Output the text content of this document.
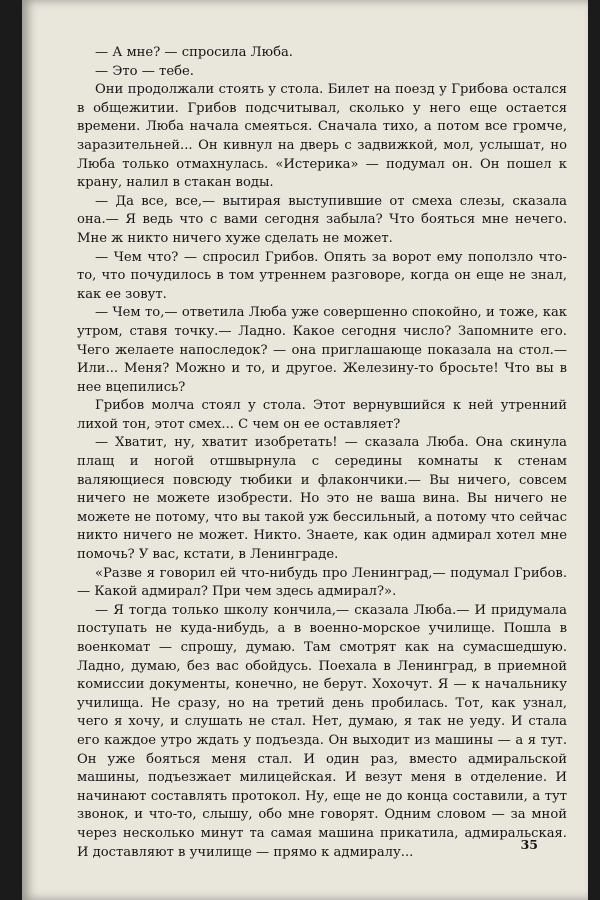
— А мне? — спросила Люба.

— Это — тебе.

Они продолжали стоять у стола. Билет на поезд у Грибова остался в общежитии. Грибов подсчитывал, сколько у него еще остается времени. Люба начала смеяться. Сначала тихо, а потом все громче, заразительней... Он кивнул на дверь с задвижкой, мол, услышат, но Люба только отмахнулась. «Истерика» — подумал он. Он пошел к крану, налил в стакан воды.

— Да все, все,— вытирая выступившие от смеха слезы, сказала она.— Я ведь что с вами сегодня забыла? Что бояться мне нечего. Мне ж никто ничего хуже сделать не может.

— Чем что? — спросил Грибов. Опять за ворот ему поползло что-то, что почудилось в том утреннем разговоре, когда он еще не знал, как ее зовут.

— Чем то,— ответила Люба уже совершенно спокойно, и тоже, как утром, ставя точку.— Ладно. Какое сегодня число? Запомните его. Чего желаете напоследок? — она приглашающе показала на стол.— Или... Меня? Можно и то, и другое. Железину-то бросьте! Что вы в нее вцепились?

Грибов молча стоял у стола. Этот вернувшийся к ней утренний лихой тон, этот смех... С чем он ее оставляет?

— Хватит, ну, хватит изобретать! — сказала Люба. Она скинула плащ и ногой отшвырнула с середины комнаты к стенам валяющиеся повсюду тюбики и флакончики.— Вы ничего, совсем ничего не можете изобрести. Но это не ваша вина. Вы ничего не можете не потому, что вы такой уж бессильный, а потому что сейчас никто ничего не может. Никто. Знаете, как один адмирал хотел мне помочь? У вас, кстати, в Ленинграде.

«Разве я говорил ей что-нибудь про Ленинград,— подумал Грибов.— Какой адмирал? При чем здесь адмирал?».

— Я тогда только школу кончила,— сказала Люба.— И придумала поступать не куда-нибудь, а в военно-морское училище. Пошла в военкомат — спрошу, думаю. Там смотрят как на сумасшедшую. Ладно, думаю, без вас обойдусь. Поехала в Ленинград, в приемной комиссии документы, конечно, не берут. Хохочут. Я — к начальнику училища. Не сразу, но на третий день пробилась. Тот, как узнал, чего я хочу, и слушать не стал. Нет, думаю, я так не уеду. И стала его каждое утро ждать у подъезда. Он выходит из машины — а я тут. Он уже бояться меня стал. И один раз, вместо адмиральской машины, подъезжает милицейская. И везут меня в отделение. И начинают составлять протокол. Ну, еще не до конца составили, а тут звонок, и что-то, слышу, обо мне говорят. Одним словом — за мной через несколько минут та самая машина прикатила, адмиральская. И доставляют в училище — прямо к адмиралу...

35
